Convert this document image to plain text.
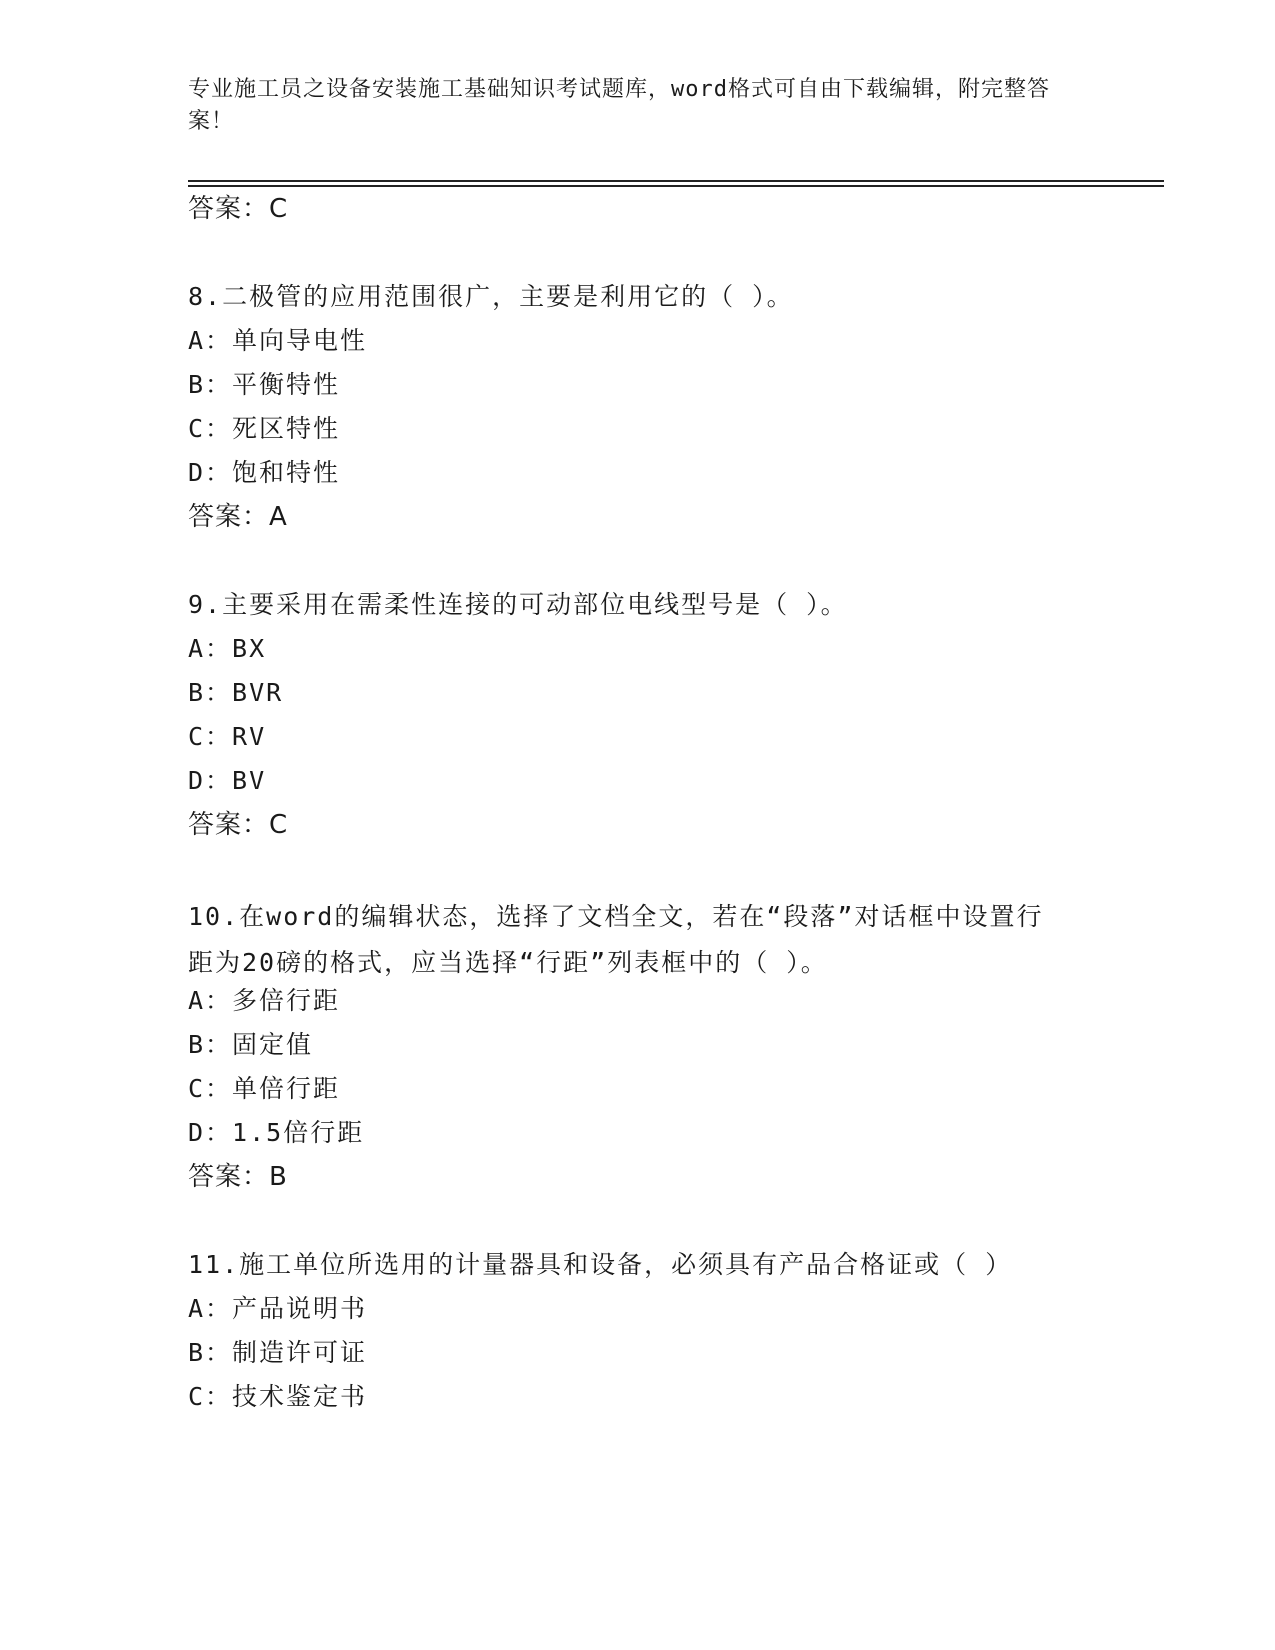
专业施工员之设备安装施工基础知识考试题库，word格式可自由下载编辑，附完整答案！
答案：C
8.二极管的应用范围很广，主要是利用它的（ ）。
A：单向导电性
B：平衡特性
C：死区特性
D：饱和特性
答案：A
9.主要采用在需柔性连接的可动部位电线型号是（ ）。
A：BX
B：BVR
C：RV
D：BV
答案：C
10.在word的编辑状态，选择了文档全文，若在“段落”对话框中设置行距为20磅的格式，应当选择“行距”列表框中的（ ）。
A：多倍行距
B：固定值
C：单倍行距
D：1.5倍行距
答案：B
11.施工单位所选用的计量器具和设备，必须具有产品合格证或（ ）
A：产品说明书
B：制造许可证
C：技术鉴定书
